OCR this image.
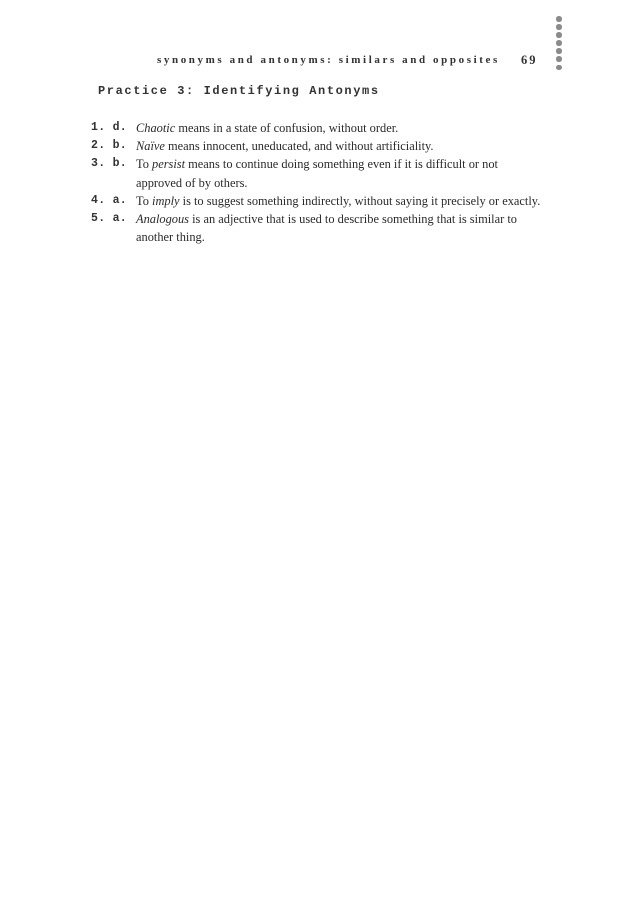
synonyms and antonyms: similars and opposites 69
Practice 3: Identifying Antonyms
1. d. Chaotic means in a state of confusion, without order.
2. b. Naïve means innocent, uneducated, and without artificiality.
3. b. To persist means to continue doing something even if it is difficult or not approved of by others.
4. a. To imply is to suggest something indirectly, without saying it precisely or exactly.
5. a. Analogous is an adjective that is used to describe something that is similar to another thing.
